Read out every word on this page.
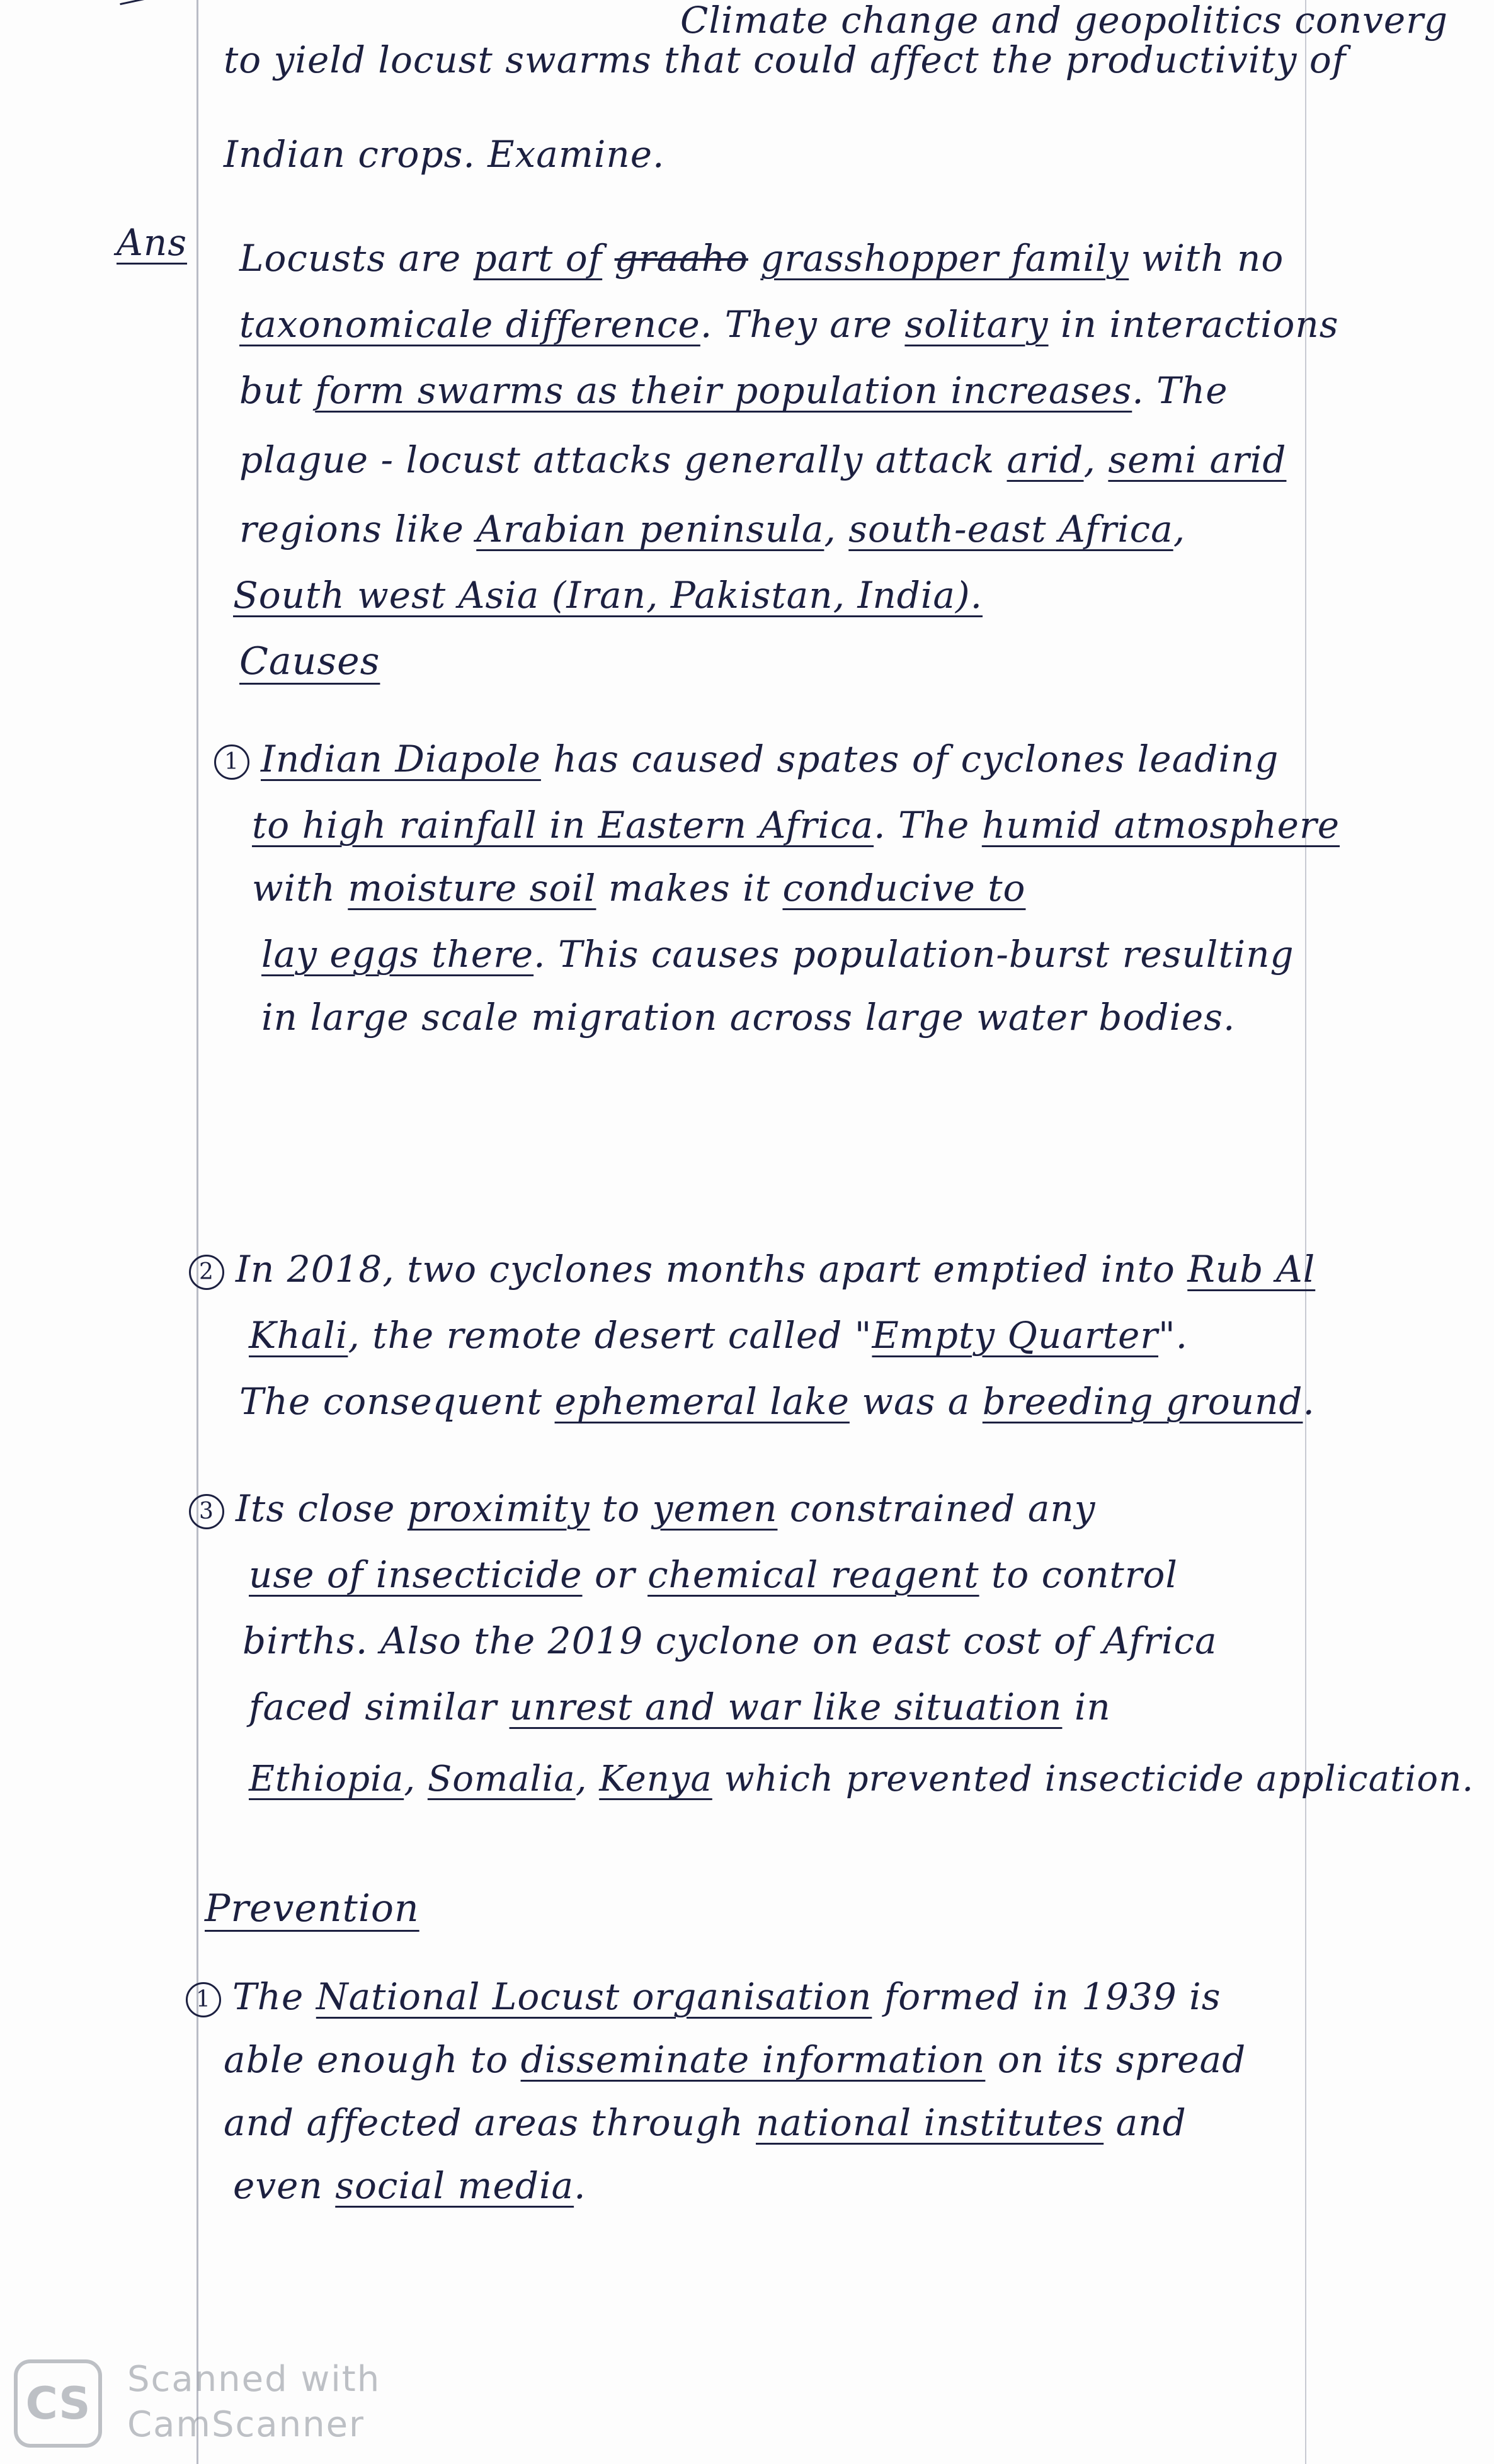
Climate change and geopolitics converg
to yield locust swarms that could affect the productivity of
Indian crops. Examine.
Ans Locusts are part of graaho grasshopper family with no
taxonomicale difference. They are solitary in interactions
but form swarms as their population increases. The
plague - locust attacks generally attack arid, semi arid
regions like Arabian peninsula, south-east Africa,
South west Asia (Iran, Pakistan, India).
Causes
1 Indian Diapole has caused spates of cyclones leading
to high rainfall in Eastern Africa. The humid atmosphere
with moisture soil makes it conducive to
lay eggs there. This causes population-burst resulting
in large scale migration across large water bodies.
2 In 2018, two cyclones months apart emptied into Rub Al
Khali, the remote desert called "Empty Quarter".
The consequent ephemeral lake was a breeding ground.
3 Its close proximity to yemen constrained any
use of insecticide or chemical reagent to control
births. Also the 2019 cyclone on east cost of Africa
faced similar unrest and war like situation in
Ethiopia, Somalia, Kenya which prevented insecticide application.
Prevention
1 The National Locust organisation formed in 1939 is
able enough to disseminate information on its spread
and affected areas through national institutes and
even social media.
CS	Scanned with
CamScanner
